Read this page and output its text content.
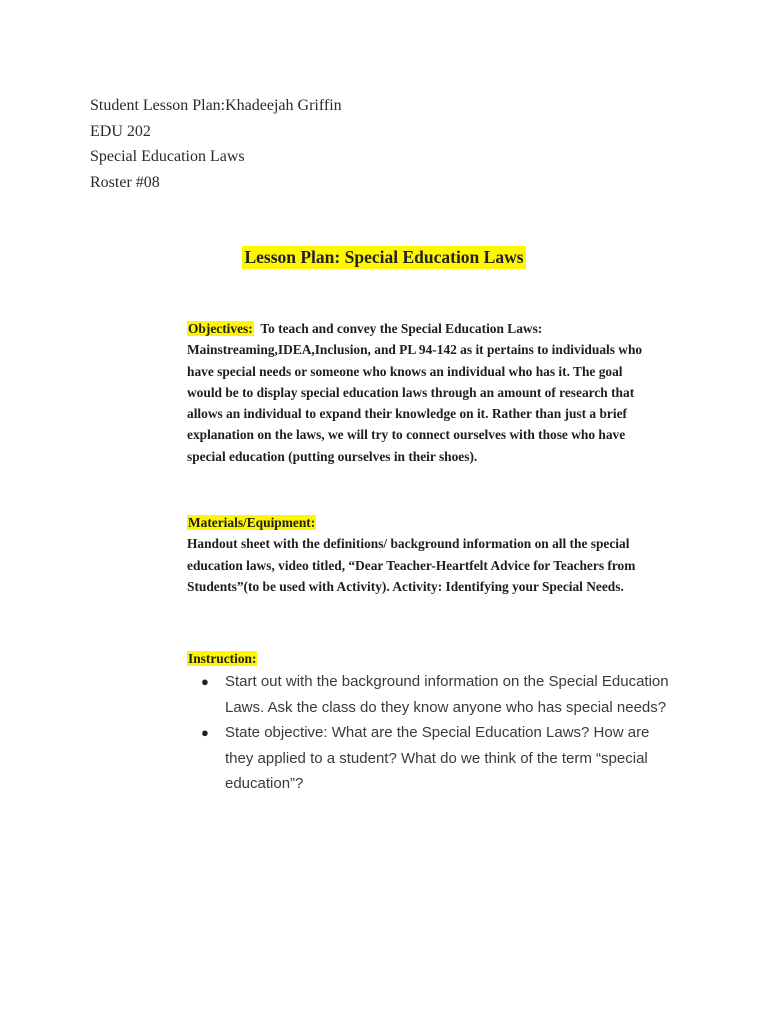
Student Lesson Plan:Khadeejah Griffin
EDU 202
Special Education Laws
Roster #08
Lesson Plan: Special Education Laws
Objectives: To teach and convey the Special Education Laws: Mainstreaming,IDEA,Inclusion, and PL 94-142 as it pertains to individuals who have special needs or someone who knows an individual who has it. The goal would be to display special education laws through an amount of research that allows an individual to expand their knowledge on it. Rather than just a brief explanation on the laws, we will try to connect ourselves with those who have special education (putting ourselves in their shoes).
Materials/Equipment:
Handout sheet with the definitions/ background information on all the special education laws, video titled, “Dear Teacher-Heartfelt Advice for Teachers from Students”(to be used with Activity). Activity: Identifying your Special Needs.
Instruction:
● Start out with the background information on the Special Education Laws. Ask the class do they know anyone who has special needs?
● State objective: What are the Special Education Laws? How are they applied to a student? What do we think of the term “special education”?
